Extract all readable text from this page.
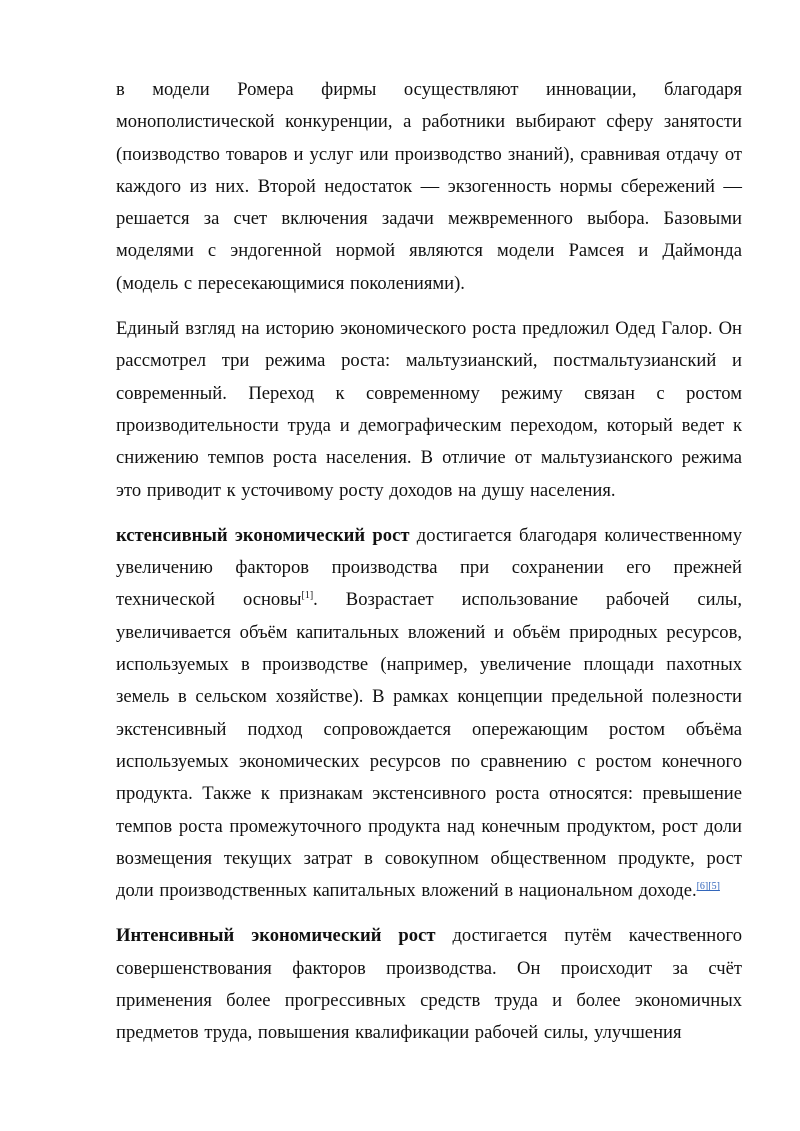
в модели Ромера фирмы осуществляют инновации, благодаря монополистической конкуренции, а работники выбирают сферу занятости (поизводство товаров и услуг или производство знаний), сравнивая отдачу от каждого из них. Второй недостаток — экзогенность нормы сбережений — решается за счет включения задачи межвременного выбора. Базовыми моделями с эндогенной нормой являются модели Рамсея и Даймонда (модель с пересекающимися поколениями).

Единый взгляд на историю экономического роста предложил Одед Галор. Он рассмотрел три режима роста: мальтузианский, постмальтузианский и современный. Переход к современному режиму связан с ростом производительности труда и демографическим переходом, который ведет к снижению темпов роста населения. В отличие от мальтузианского режима это приводит к усточивому росту доходов на душу населения.

кстенсивный экономический рост достигается благодаря количественному увеличению факторов производства при сохранении его прежней технической основы[1]. Возрастает использование рабочей силы, увеличивается объём капитальных вложений и объём природных ресурсов, используемых в производстве (например, увеличение площади пахотных земель в сельском хозяйстве). В рамках концепции предельной полезности экстенсивный подход сопровождается опережающим ростом объёма используемых экономических ресурсов по сравнению с ростом конечного продукта. Также к признакам экстенсивного роста относятся: превышение темпов роста промежуточного продукта над конечным продуктом, рост доли возмещения текущих затрат в совокупном общественном продукте, рост доли производственных капитальных вложений в национальном доходе.[6][5]

Интенсивный экономический рост достигается путём качественного совершенствования факторов производства. Он происходит за счёт применения более прогрессивных средств труда и более экономичных предметов труда, повышения квалификации рабочей силы, улучшения
